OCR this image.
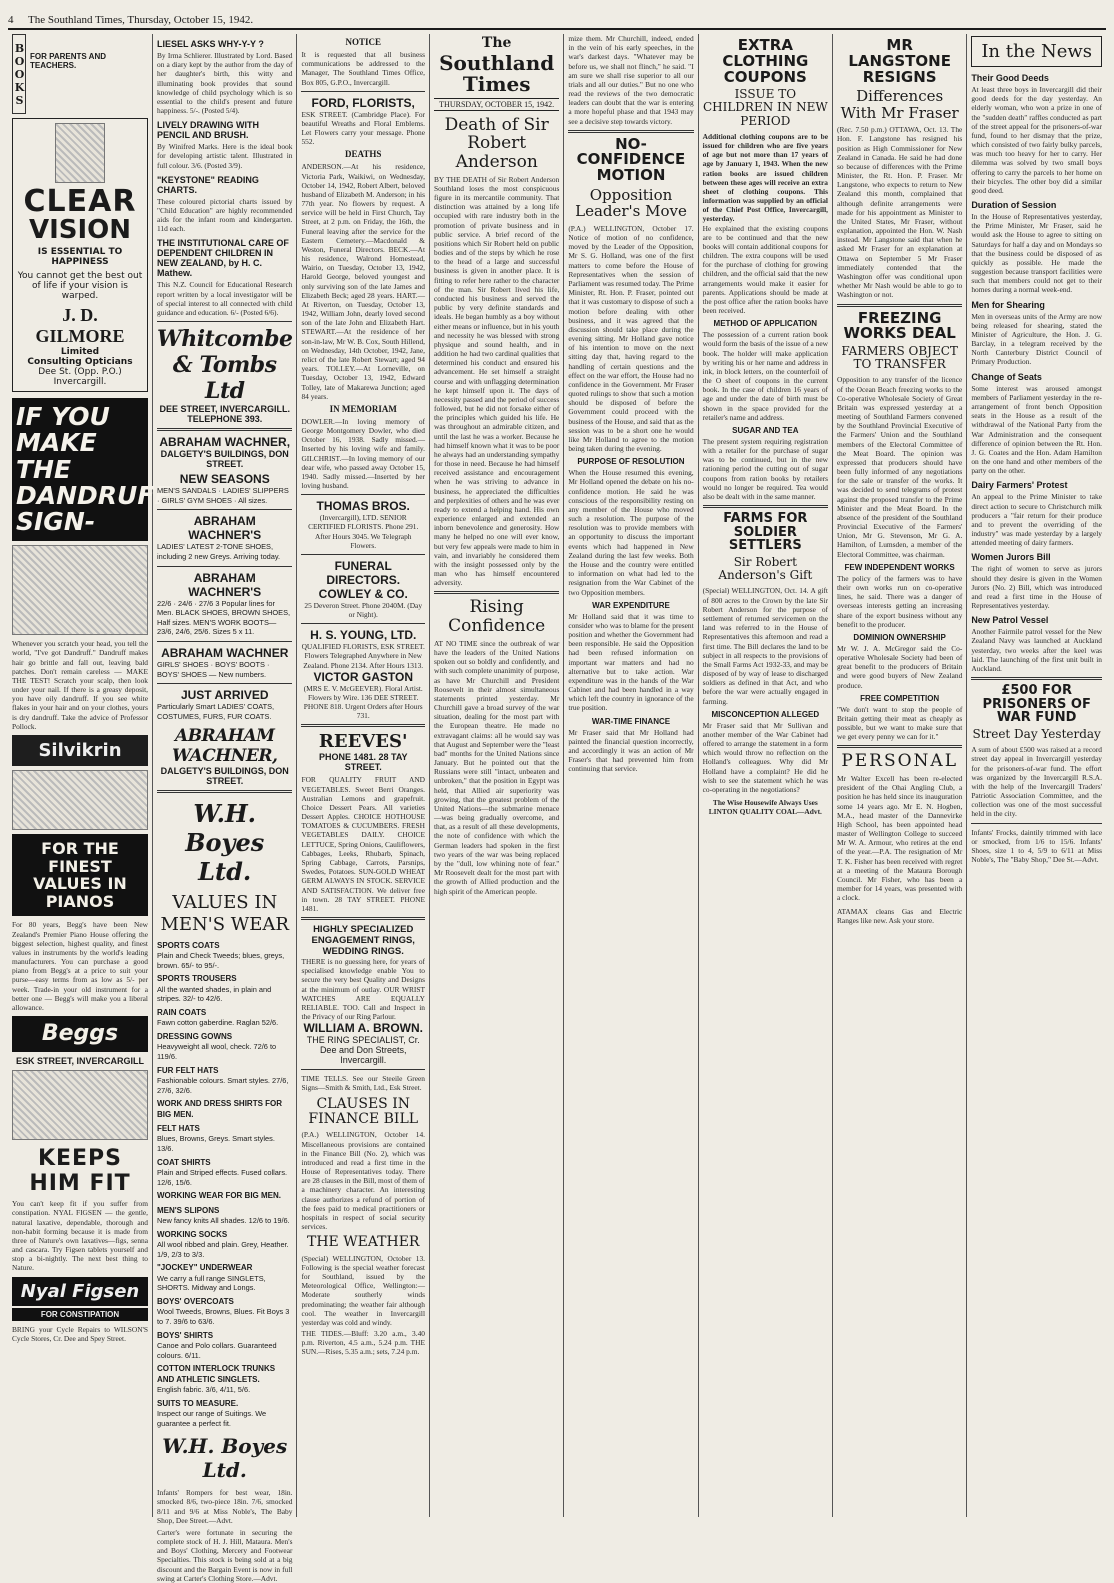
4	The Southland Times, Thursday, October 15, 1942.
BOOKS FOR PARENTS AND TEACHERS.
CLEAR
VISION
IS ESSENTIAL TO HAPPINESS
You cannot get the best out of life if your vision is warped.
J. D. GILMORE
Limited
Consulting Opticians
Dee St. (Opp. P.O.) Invercargill.
IF YOU MAKE THE DANDRUFF SIGN-
Whenever you scratch your head, you tell the world, "I've got Dandruff." Dandruff makes hair go brittle and fall out, leaving bald patches. Don't remain careless — MAKE THE TEST! Scratch your scalp, then look under your nail. If there is a greasy deposit, you have oily dandruff. If you see white flakes in your hair and on your clothes, yours is dry dandruff. Take the advice of Professor Pollock.
Silvikrin
FOR THE FINEST VALUES IN PIANOS
For 80 years, Begg's have been New Zealand's Premier Piano House offering the biggest selection, highest quality, and finest values in instruments by the world's leading manufacturers. You can purchase a good piano from Begg's at a price to suit your purse—easy terms from as low as 5/- per week. Trade-in your old instrument for a better one — Begg's will make you a liberal allowance.
Beggs
ESK STREET, INVERCARGILL
KEEPS HIM FIT
You can't keep fit if you suffer from constipation. NYAL FIGSEN — the gentle, natural laxative, dependable, thorough and non-habit forming because it is made from three of Nature's own laxatives—figs, senna and cascara. Try Figsen tablets yourself and stop a bi-nightly. The next best thing to Nature.
Nyal Figsen
FOR CONSTIPATION
BRING your Cycle Repairs to WILSON'S Cycle Stores, Cr. Dee and Spey Street.
LIESEL ASKS WHY-Y-Y ?
By Irma Schlierer. Illustrated by Lord. Based on a diary kept by the author from the day of her daughter's birth, this witty and illuminating book provides that sound knowledge of child psychology which is so essential to the child's present and future happiness. 5/-. (Posted 5/4).
LIVELY DRAWING WITH PENCIL AND BRUSH.
By Winifred Marks. Here is the ideal book for developing artistic talent. Illustrated in full colour. 3/6. (Posted 3/9).
"KEYSTONE" READING CHARTS.
These coloured pictorial charts issued by "Child Education" are highly recommended aids for the infant room and kindergarten. 11d each.
THE INSTITUTIONAL CARE OF DEPENDENT CHILDREN IN NEW ZEALAND, by H. C. Mathew.
This N.Z. Council for Educational Research report written by a local investigator will be of special interest to all connected with child guidance and education. 6/- (Posted 6/6).
Whitcombe & Tombs Ltd
DEE STREET, INVERCARGILL.
TELEPHONE 393.
ABRAHAM WACHNER,
DALGETY'S BUILDINGS, DON STREET.
NEW SEASONS
MEN'S SANDALS · LADIES' SLIPPERS · GIRLS' GYM SHOES · All sizes.
ABRAHAM WACHNER'S
LADIES' LATEST 2-TONE SHOES, including 2 new Greys. Arriving today.
ABRAHAM WACHNER'S
22/6 · 24/6 · 27/6 3 Popular lines for Men. BLACK SHOES, BROWN SHOES, Half sizes. MEN'S WORK BOOTS—23/6, 24/6, 25/6. Sizes 5 x 11.
ABRAHAM WACHNER
GIRLS' SHOES · BOYS' BOOTS · BOYS' SHOES — New numbers.
JUST ARRIVED
Particularly Smart LADIES' COATS, COSTUMES, FURS, FUR COATS.
ABRAHAM WACHNER,
DALGETY'S BUILDINGS, DON STREET.
W.H. Boyes Ltd.
VALUES IN MEN'S WEAR
SPORTS COATS
Plain and Check Tweeds; blues, greys, brown. 65/- to 95/-.
SPORTS TROUSERS
All the wanted shades, in plain and stripes. 32/- to 42/6.
RAIN COATS
Fawn cotton gaberdine. Raglan 52/6.
DRESSING GOWNS
Heavyweight all wool, check. 72/6 to 119/6.
FUR FELT HATS
Fashionable colours. Smart styles. 27/6, 27/6, 32/6.
WORK AND DRESS SHIRTS FOR BIG MEN.
FELT HATS
Blues, Browns, Greys. Smart styles. 13/6.
COAT SHIRTS
Plain and Striped effects. Fused collars. 12/6, 15/6.
WORKING WEAR FOR BIG MEN.
MEN'S SLIPONS
New fancy knits All shades. 12/6 to 19/6.
WORKING SOCKS
All wool ribbed and plain. Grey, Heather. 1/9, 2/3 to 3/3.
"JOCKEY" UNDERWEAR
We carry a full range SINGLETS, SHORTS. Midway and Longs.
BOYS' OVERCOATS
Wool Tweeds, Browns, Blues. Fit Boys 3 to 7. 39/6 to 63/6.
BOYS' SHIRTS
Canoe and Polo collars. Guaranteed colours. 6/11.
COTTON INTERLOCK TRUNKS AND ATHLETIC SINGLETS.
English fabric. 3/6, 4/11, 5/6.
SUITS TO MEASURE.
Inspect our range of Suitings. We guarantee a perfect fit.
W.H. Boyes Ltd.
Infants' Rompers for best wear, 18in. smocked 8/6, two-piece 18in. 7/6, smocked 8/11 and 9/6 at Miss Noble's, The Baby Shop, Dee Street.—Advt.
Carter's were fortunate in securing the complete stock of H. J. Hill, Mataura. Men's and Boys' Clothing, Mercery and Footwear Specialties. This stock is being sold at a big discount and the Bargain Event is now in full swing at Carter's Clothing Store.—Advt.
NOTICE
It is requested that all business communications be addressed to the Manager, The Southland Times Office, Box 805, G.P.O., Invercargill.
FORD, FLORISTS,
ESK STREET. (Cambridge Place). For beautiful Wreaths and Floral Emblems. Let Flowers carry your message. Phone 552.
DEATHS
ANDERSON.—At his residence, Victoria Park, Waikiwi, on Wednesday, October 14, 1942, Robert Albert, beloved husband of Elizabeth M. Anderson; in his 77th year. No flowers by request. A service will be held in First Church, Tay Street, at 2 p.m. on Friday, the 16th, the Funeral leaving after the service for the Eastern Cemetery.—Macdonald & Weston, Funeral Directors. BECK.—At his residence, Walrond Homestead, Wairio, on Tuesday, October 13, 1942, Harold George, beloved youngest and only surviving son of the late James and Elizabeth Beck; aged 28 years. HART.—At Riverton, on Tuesday, October 13, 1942, William John, dearly loved second son of the late John and Elizabeth Hart. STEWART.—At the residence of her son-in-law, Mr W. B. Cox, South Hillend, on Wednesday, 14th October, 1942, Jane, relict of the late Robert Stewart; aged 94 years. TOLLEY.—At Lorneville, on Tuesday, October 13, 1942, Edward Tolley, late of Makarewa Junction; aged 84 years.
IN MEMORIAM
DOWLER.—In loving memory of George Montgomery Dowler, who died October 16, 1938. Sadly missed.—Inserted by his loving wife and family. GILCHRIST.—In loving memory of our dear wife, who passed away October 15, 1940. Sadly missed.—Inserted by her loving husband.
THOMAS BROS.
(Invercargill), LTD. SENIOR CERTIFIED FLORISTS. Phone 291. After Hours 3045. We Telegraph Flowers.
FUNERAL DIRECTORS. COWLEY & CO.
25 Deveron Street. Phone 2040M. (Day or Night).
H. S. YOUNG, LTD.
QUALIFIED FLORISTS, ESK STREET. Flowers Telegraphed Anywhere in New Zealand. Phone 2134. After Hours 1313.
VICTOR GASTON
(MRS E. V. McGEEVER). Floral Artist. Flowers by Wire. 136 DEE STREET. PHONE 818. Urgent Orders after Hours 731.
REEVES'
PHONE 1481. 28 TAY STREET.
FOR QUALITY FRUIT AND VEGETABLES. Sweet Berri Oranges. Australian Lemons and grapefruit. Choice Dessert Pears. All varieties Dessert Apples. CHOICE HOTHOUSE TOMATOES & CUCUMBERS. FRESH VEGETABLES DAILY. CHOICE LETTUCE, Spring Onions, Cauliflowers, Cabbages, Leeks, Rhubarb, Spinach, Spring Cabbage, Carrots, Parsnips, Swedes, Potatoes. SUN-GOLD WHEAT GERM ALWAYS IN STOCK. SERVICE AND SATISFACTION. We deliver free in town. 28 TAY STREET. PHONE 1481.
HIGHLY SPECIALIZED ENGAGEMENT RINGS, WEDDING RINGS.
THERE is no guessing here, for years of specialised knowledge enable You to secure the very best Quality and Designs at the minimum of outlay. OUR WRIST WATCHES ARE EQUALLY RELIABLE. TOO. Call and Inspect in the Privacy of our Ring Parlour.
WILLIAM A. BROWN.
THE RING SPECIALIST, Cr. Dee and Don Streets, Invercargill.
TIME TELLS. See our Steeile Green Signs—Smith & Smith, Ltd., Esk Street.
CLAUSES IN FINANCE BILL
(P.A.) WELLINGTON, October 14. Miscellaneous provisions are contained in the Finance Bill (No. 2), which was introduced and read a first time in the House of Representatives today. There are 28 clauses in the Bill, most of them of a machinery character. An interesting clause authorizes a refund of portion of the fees paid to medical practitioners or hospitals in respect of social security services.
THE WEATHER
(Special) WELLINGTON, October 13. Following is the special weather forecast for Southland, issued by the Meteorological Office, Wellington:— Moderate southerly winds predominating; the weather fair although cool. The weather in Invercargill yesterday was cold and windy.
THE TIDES.—Bluff: 3.20 a.m., 3.40 p.m. Riverton, 4.5 a.m., 5.24 p.m. THE SUN.—Rises, 5.35 a.m.; sets, 7.24 p.m.
The
Southland Times
THURSDAY, OCTOBER 15, 1942.
Death of Sir Robert Anderson
BY THE DEATH of Sir Robert Anderson Southland loses the most conspicuous figure in its mercantile community. That distinction was attained by a long life occupied with rare industry both in the promotion of private business and in public service. A brief record of the positions which Sir Robert held on public bodies and of the steps by which he rose to the head of a large and successful business is given in another place. It is fitting to refer here rather to the character of the man. Sir Robert lived his life, conducted his business and served the public by very definite standards and ideals. He began humbly as a boy without either means or influence, but in his youth and necessity he was blessed with strong physique and sound health, and in addition he had two cardinal qualities that determined his conduct and ensured his advancement. He set himself a straight course and with unflagging determination he kept himself upon it. The days of necessity passed and the period of success followed, but he did not forsake either of the principles which guided his life. He was throughout an admirable citizen, and until the last he was a worker. Because he had himself known what it was to be poor he always had an understanding sympathy for those in need. Because he had himself received assistance and encouragement when he was striving to advance in business, he appreciated the difficulties and perplexities of others and he was ever ready to extend a helping hand. His own experience enlarged and extended an inborn benevolence and generosity. How many he helped no one will ever know, but very few appeals were made to him in vain, and invariably he considered them with the insight possessed only by the man who has himself encountered adversity.
Rising Confidence
AT NO TIME since the outbreak of war have the leaders of the United Nations spoken out so boldly and confidently, and with such complete unanimity of purpose, as have Mr Churchill and President Roosevelt in their almost simultaneous statements printed yesterday. Mr Churchill gave a broad survey of the war situation, dealing for the most part with the European theatre. He made no extravagant claims: all he would say was that August and September were the "least bad" months for the United Nations since January. But he pointed out that the Russians were still "intact, unbeaten and unbroken," that the position in Egypt was held, that Allied air superiority was growing, that the greatest problem of the United Nations—the submarine menace—was being gradually overcome, and that, as a result of all these developments, the note of confidence with which the German leaders had spoken in the first two years of the war was being replaced by the "dull, low whining note of fear." Mr Roosevelt dealt for the most part with the growth of Allied production and the high spirit of the American people.
mize them. Mr Churchill, indeed, ended in the vein of his early speeches, in the war's darkest days. "Whatever may be before us, we shall not flinch," he said. "I am sure we shall rise superior to all our trials and all our duties." But no one who read the reviews of the two democratic leaders can doubt that the war is entering a more hopeful phase and that 1943 may see a decisive step towards victory.
NO-CONFIDENCE MOTION
Opposition Leader's Move
(P.A.) WELLINGTON, October 17. Notice of motion of no confidence, moved by the Leader of the Opposition, Mr S. G. Holland, was one of the first matters to come before the House of Representatives when the session of Parliament was resumed today. The Prime Minister, Rt. Hon. P. Fraser, pointed out that it was customary to dispose of such a motion before dealing with other business, and it was agreed that the discussion should take place during the evening sitting. Mr Holland gave notice of his intention to move on the next sitting day that, having regard to the handling of certain questions and the effect on the war effort, the House had no confidence in the Government. Mr Fraser quoted rulings to show that such a motion should be disposed of before the Government could proceed with the business of the House, and said that as the session was to be a short one he would like Mr Holland to agree to the motion being taken during the evening.
PURPOSE OF RESOLUTION
When the House resumed this evening, Mr Holland opened the debate on his no-confidence motion. He said he was conscious of the responsibility resting on any member of the House who moved such a resolution. The purpose of the resolution was to provide members with an opportunity to discuss the important events which had happened in New Zealand during the last few weeks. Both the House and the country were entitled to information on what had led to the resignation from the War Cabinet of the two Opposition members.
WAR EXPENDITURE
Mr Holland said that it was time to consider who was to blame for the present position and whether the Government had been responsible. He said the Opposition had been refused information on important war matters and had no alternative but to take action. War expenditure was in the hands of the War Cabinet and had been handled in a way which left the country in ignorance of the true position.
WAR-TIME FINANCE
Mr Fraser said that Mr Holland had painted the financial question incorrectly, and accordingly it was an action of Mr Fraser's that had prevented him from continuing that service.
EXTRA CLOTHING COUPONS
ISSUE TO CHILDREN IN NEW PERIOD
Additional clothing coupons are to be issued for children who are five years of age but not more than 17 years of age by January 1, 1943. When the new ration books are issued children between these ages will receive an extra sheet of clothing coupons. This information was supplied by an official of the Chief Post Office, Invercargill, yesterday.
He explained that the existing coupons are to be continued and that the new books will contain additional coupons for children. The extra coupons will be used for the purchase of clothing for growing children, and the official said that the new arrangements would make it easier for parents. Applications should be made at the post office after the ration books have been received.
METHOD OF APPLICATION
The possession of a current ration book would form the basis of the issue of a new book. The holder will make application by writing his or her name and address in ink, in block letters, on the counterfoil of the O sheet of coupons in the current book. In the case of children 16 years of age and under the date of birth must be shown in the space provided for the retailer's name and address.
SUGAR AND TEA
The present system requiring registration with a retailer for the purchase of sugar was to be continued, but in the new rationing period the cutting out of sugar coupons from ration books by retailers would no longer be required. Tea would also be dealt with in the same manner.
FARMS FOR SOLDIER SETTLERS
Sir Robert Anderson's Gift
(Special) WELLINGTON, Oct. 14. A gift of 800 acres to the Crown by the late Sir Robert Anderson for the purpose of settlement of returned servicemen on the land was referred to in the House of Representatives this afternoon and read a first time. The Bill declares the land to be subject in all respects to the provisions of the Small Farms Act 1932-33, and may be disposed of by way of lease to discharged soldiers as defined in that Act, and who before the war were actually engaged in farming.
MISCONCEPTION ALLEGED
Mr Fraser said that Mr Sullivan and another member of the War Cabinet had offered to arrange the statement in a form which would throw no reflection on the Holland's colleagues. Why did Mr Holland have a complaint? He did he wish to see the statement which he was co-operating in the negotiations?
The Wise Housewife Always Uses LINTON QUALITY COAL—Advt.
MR LANGSTONE RESIGNS
Differences With Mr Fraser
(Rec. 7.50 p.m.) OTTAWA, Oct. 13. The Hon. F. Langstone has resigned his position as High Commissioner for New Zealand in Canada. He said he had done so because of differences with the Prime Minister, the Rt. Hon. P. Fraser. Mr Langstone, who expects to return to New Zealand this month, complained that although definite arrangements were made for his appointment as Minister to the United States, Mr Fraser, without explanation, appointed the Hon. W. Nash instead. Mr Langstone said that when he asked Mr Fraser for an explanation at Ottawa on September 5 Mr Fraser immediately contended that the Washington offer was conditional upon whether Mr Nash would be able to go to Washington or not.
FREEZING WORKS DEAL
FARMERS OBJECT TO TRANSFER
Opposition to any transfer of the licence of the Ocean Beach freezing works to the Co-operative Wholesale Society of Great Britain was expressed yesterday at a meeting of Southland Farmers convened by the Southland Provincial Executive of the Farmers' Union and the Southland members of the Electoral Committee of the Meat Board. The opinion was expressed that producers should have been fully informed of any negotiations for the sale or transfer of the works. It was decided to send telegrams of protest against the proposed transfer to the Prime Minister and the Meat Board. In the absence of the president of the Southland Provincial Executive of the Farmers' Union, Mr G. Stevenson, Mr G. A. Hamilton, of Lumsden, a member of the Electoral Committee, was chairman.
FEW INDEPENDENT WORKS
The policy of the farmers was to have their own works run on co-operative lines, he said. There was a danger of overseas interests getting an increasing share of the export business without any benefit to the producer.
DOMINION OWNERSHIP
Mr W. J. A. McGregor said the Co-operative Wholesale Society had been of great benefit to the producers of Britain and were good buyers of New Zealand produce.
FREE COMPETITION
"We don't want to stop the people of Britain getting their meat as cheaply as possible, but we want to make sure that we get every penny we can for it."
PERSONAL
Mr Walter Excell has been re-elected president of the Ohai Angling Club, a position he has held since its inauguration some 14 years ago. Mr E. N. Hogben, M.A., head master of the Dannevirke High School, has been appointed head master of Wellington College to succeed Mr W. A. Armour, who retires at the end of the year.—P.A. The resignation of Mr T. K. Fisher has been received with regret at a meeting of the Mataura Borough Council. Mr Fisher, who has been a member for 14 years, was presented with a clock.
ATAMAX cleans Gas and Electric Ranges like new. Ask your store.
In the News
Their Good Deeds
At least three boys in Invercargill did their good deeds for the day yesterday. An elderly woman, who won a prize in one of the "sudden death" raffles conducted as part of the street appeal for the prisoners-of-war fund, found to her dismay that the prize, which consisted of two fairly bulky parcels, was much too heavy for her to carry. Her dilemma was solved by two small boys offering to carry the parcels to her home on their bicycles. The other boy did a similar good deed.
Duration of Session
In the House of Representatives yesterday, the Prime Minister, Mr Fraser, said he would ask the House to agree to sitting on Saturdays for half a day and on Mondays so that the business could be disposed of as quickly as possible. He made the suggestion because transport facilities were such that members could not get to their homes during a normal week-end.
Men for Shearing
Men in overseas units of the Army are now being released for shearing, stated the Minister of Agriculture, the Hon. J. G. Barclay, in a telegram received by the North Canterbury District Council of Primary Production.
Change of Seats
Some interest was aroused amongst members of Parliament yesterday in the re-arrangement of front bench Opposition seats in the House as a result of the withdrawal of the National Party from the War Administration and the consequent difference of opinion between the Rt. Hon. J. G. Coates and the Hon. Adam Hamilton on the one hand and other members of the party on the other.
Dairy Farmers' Protest
An appeal to the Prime Minister to take direct action to secure to Christchurch milk producers a "fair return for their produce and to prevent the overriding of the industry" was made yesterday by a largely attended meeting of dairy farmers.
Women Jurors Bill
The right of women to serve as jurors should they desire is given in the Women Jurors (No. 2) Bill, which was introduced and read a first time in the House of Representatives yesterday.
New Patrol Vessel
Another Fairmile patrol vessel for the New Zealand Navy was launched at Auckland yesterday, two weeks after the keel was laid. The launching of the first unit built in Auckland.
£500 FOR PRISONERS OF WAR FUND
Street Day Yesterday
A sum of about £500 was raised at a record street day appeal in Invercargill yesterday for the prisoners-of-war fund. The effort was organized by the Invercargill R.S.A. with the help of the Invercargill Traders' Patriotic Association Committee, and the collection was one of the most successful held in the city.
Infants' Frocks, daintily trimmed with lace or smocked, from 1/6 to 15/6. Infants' Shoes, size 1 to 4, 5/9 to 6/11 at Miss Noble's, The "Baby Shop," Dee St.—Advt.
